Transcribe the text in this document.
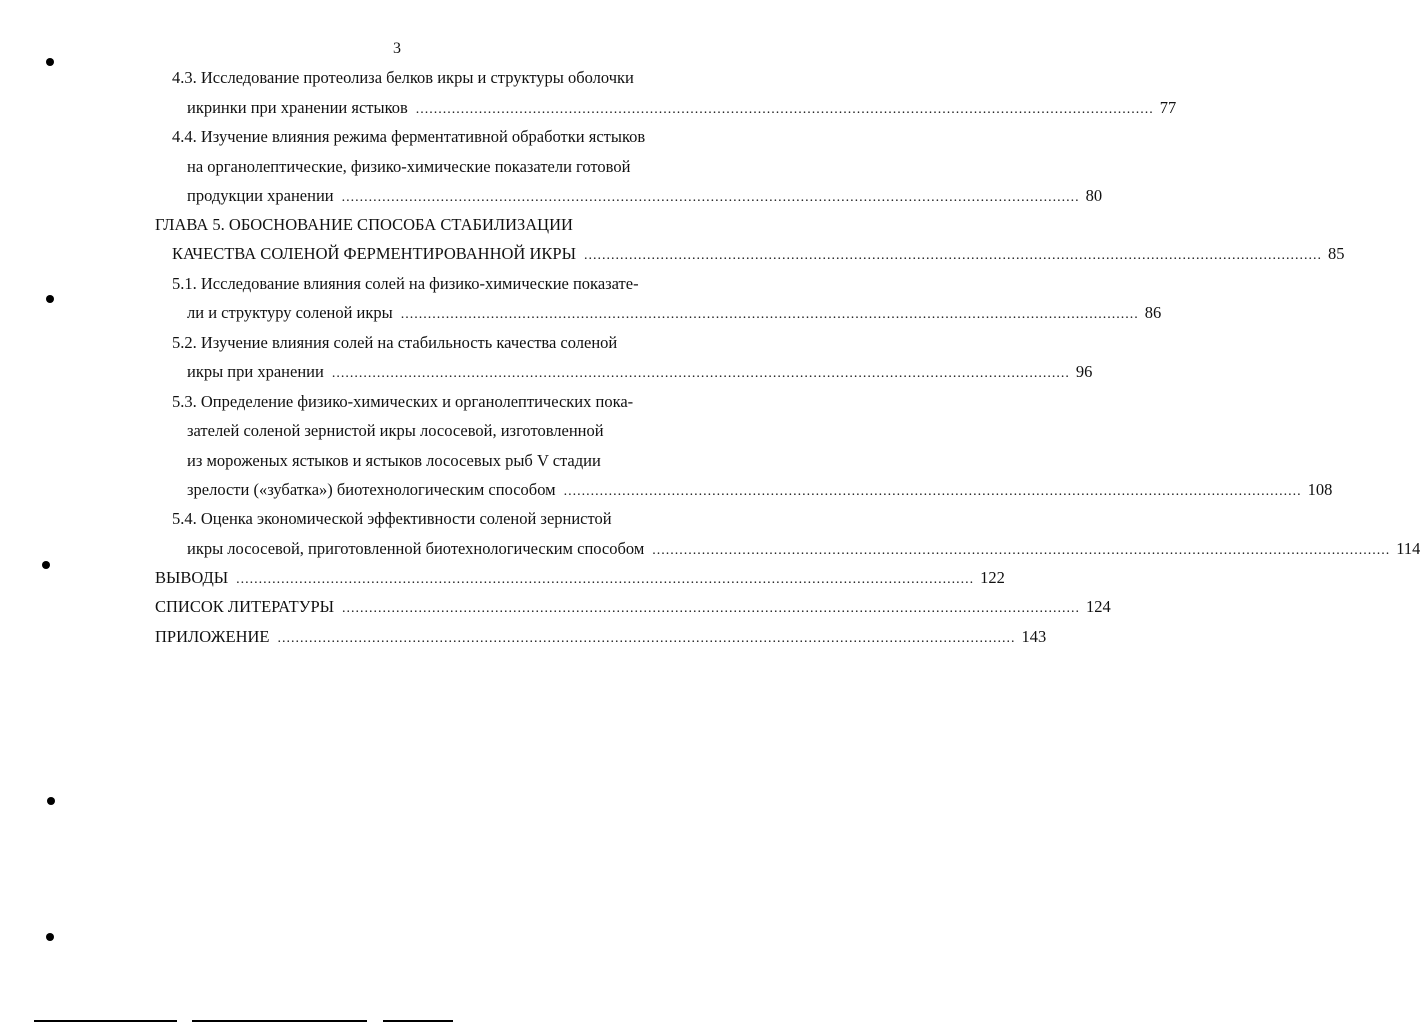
3
4.3. Исследование протеолиза белков икры и структуры оболочки
икринки при хранении ястыков .................................................................................................................................................................... 77
4.4. Изучение влияния режима ферментативной обработки ястыков
на органолептические, физико-химические показатели готовой
продукции хранении .................................................................................................................................................................... 80
ГЛАВА 5. ОБОСНОВАНИЕ СПОСОБА СТАБИЛИЗАЦИИ
КАЧЕСТВА СОЛЕНОЙ ФЕРМЕНТИРОВАННОЙ ИКРЫ .................................................................................................................................................................... 85
5.1. Исследование влияния солей на физико-химические показате-
ли и структуру соленой икры .................................................................................................................................................................... 86
5.2. Изучение влияния солей на стабильность качества соленой
икры при хранении .................................................................................................................................................................... 96
5.3. Определение физико-химических и органолептических пока-
зателей соленой зернистой икры лососевой, изготовленной
из мороженых ястыков и ястыков лососевых рыб V стадии
зрелости («зубатка») биотехнологическим способом .................................................................................................................................................................... 108
5.4. Оценка экономической эффективности соленой зернистой
икры лососевой, приготовленной биотехнологическим способом .................................................................................................................................................................... 114
ВЫВОДЫ .................................................................................................................................................................... 122
СПИСОК ЛИТЕРАТУРЫ .................................................................................................................................................................... 124
ПРИЛОЖЕНИЕ .................................................................................................................................................................... 143
